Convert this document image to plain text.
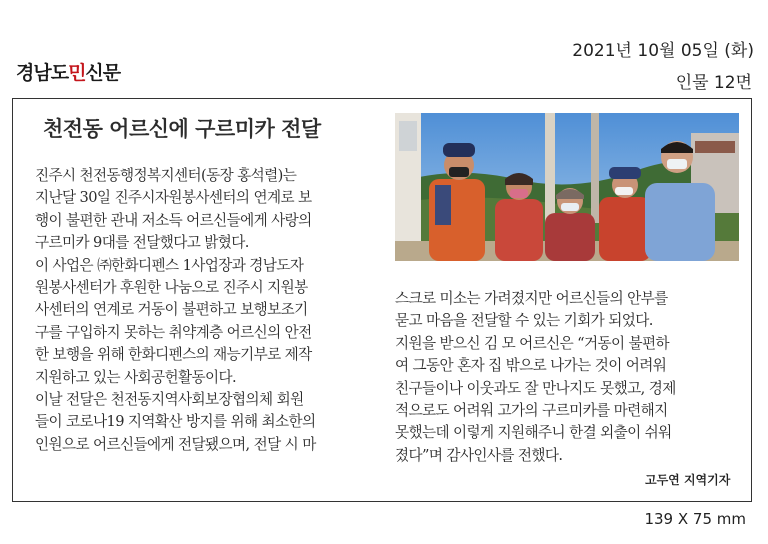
경남도민신문
2021년 10월 05일 (화)
인물 12면
천전동 어르신에 구르미카 전달

진주시 천전동행정복지센터(동장 홍석렬)는

지난달 30일 진주시자원봉사센터의 연계로 보

행이 불편한 관내 저소득 어르신들에게 사랑의

구르미카 9대를 전달했다고 밝혔다.

이 사업은 ㈜한화디펜스 1사업장과 경남도자

원봉사센터가 후원한 나눔으로 진주시 지원봉

사센터의 연계로 거동이 불편하고 보행보조기

구를 구입하지 못하는 취약계층 어르신의 안전

한 보행을 위해 한화디펜스의 재능기부로 제작

지원하고 있는 사회공헌활동이다.

이날 전달은 천전동지역사회보장협의체 회원

들이 코로나19 지역확산 방지를 위해 최소한의

인원으로 어르신들에게 전달됐으며, 전달 시 마

스크로 미소는 가려졌지만 어르신들의 안부를

묻고 마음을 전달할 수 있는 기회가 되었다.

지원을 받으신 김 모 어르신은 “거동이 불편하

여 그동안 혼자 집 밖으로 나가는 것이 어려워

친구들이나 이웃과도 잘 만나지도 못했고, 경제

적으로도 어려워 고가의 구르미카를 마련해지

못했는데 이렇게 지원해주니 한결 외출이 쉬워

졌다”며 감사인사를 전했다.

고두연 지역기자
139 X 75 mm
